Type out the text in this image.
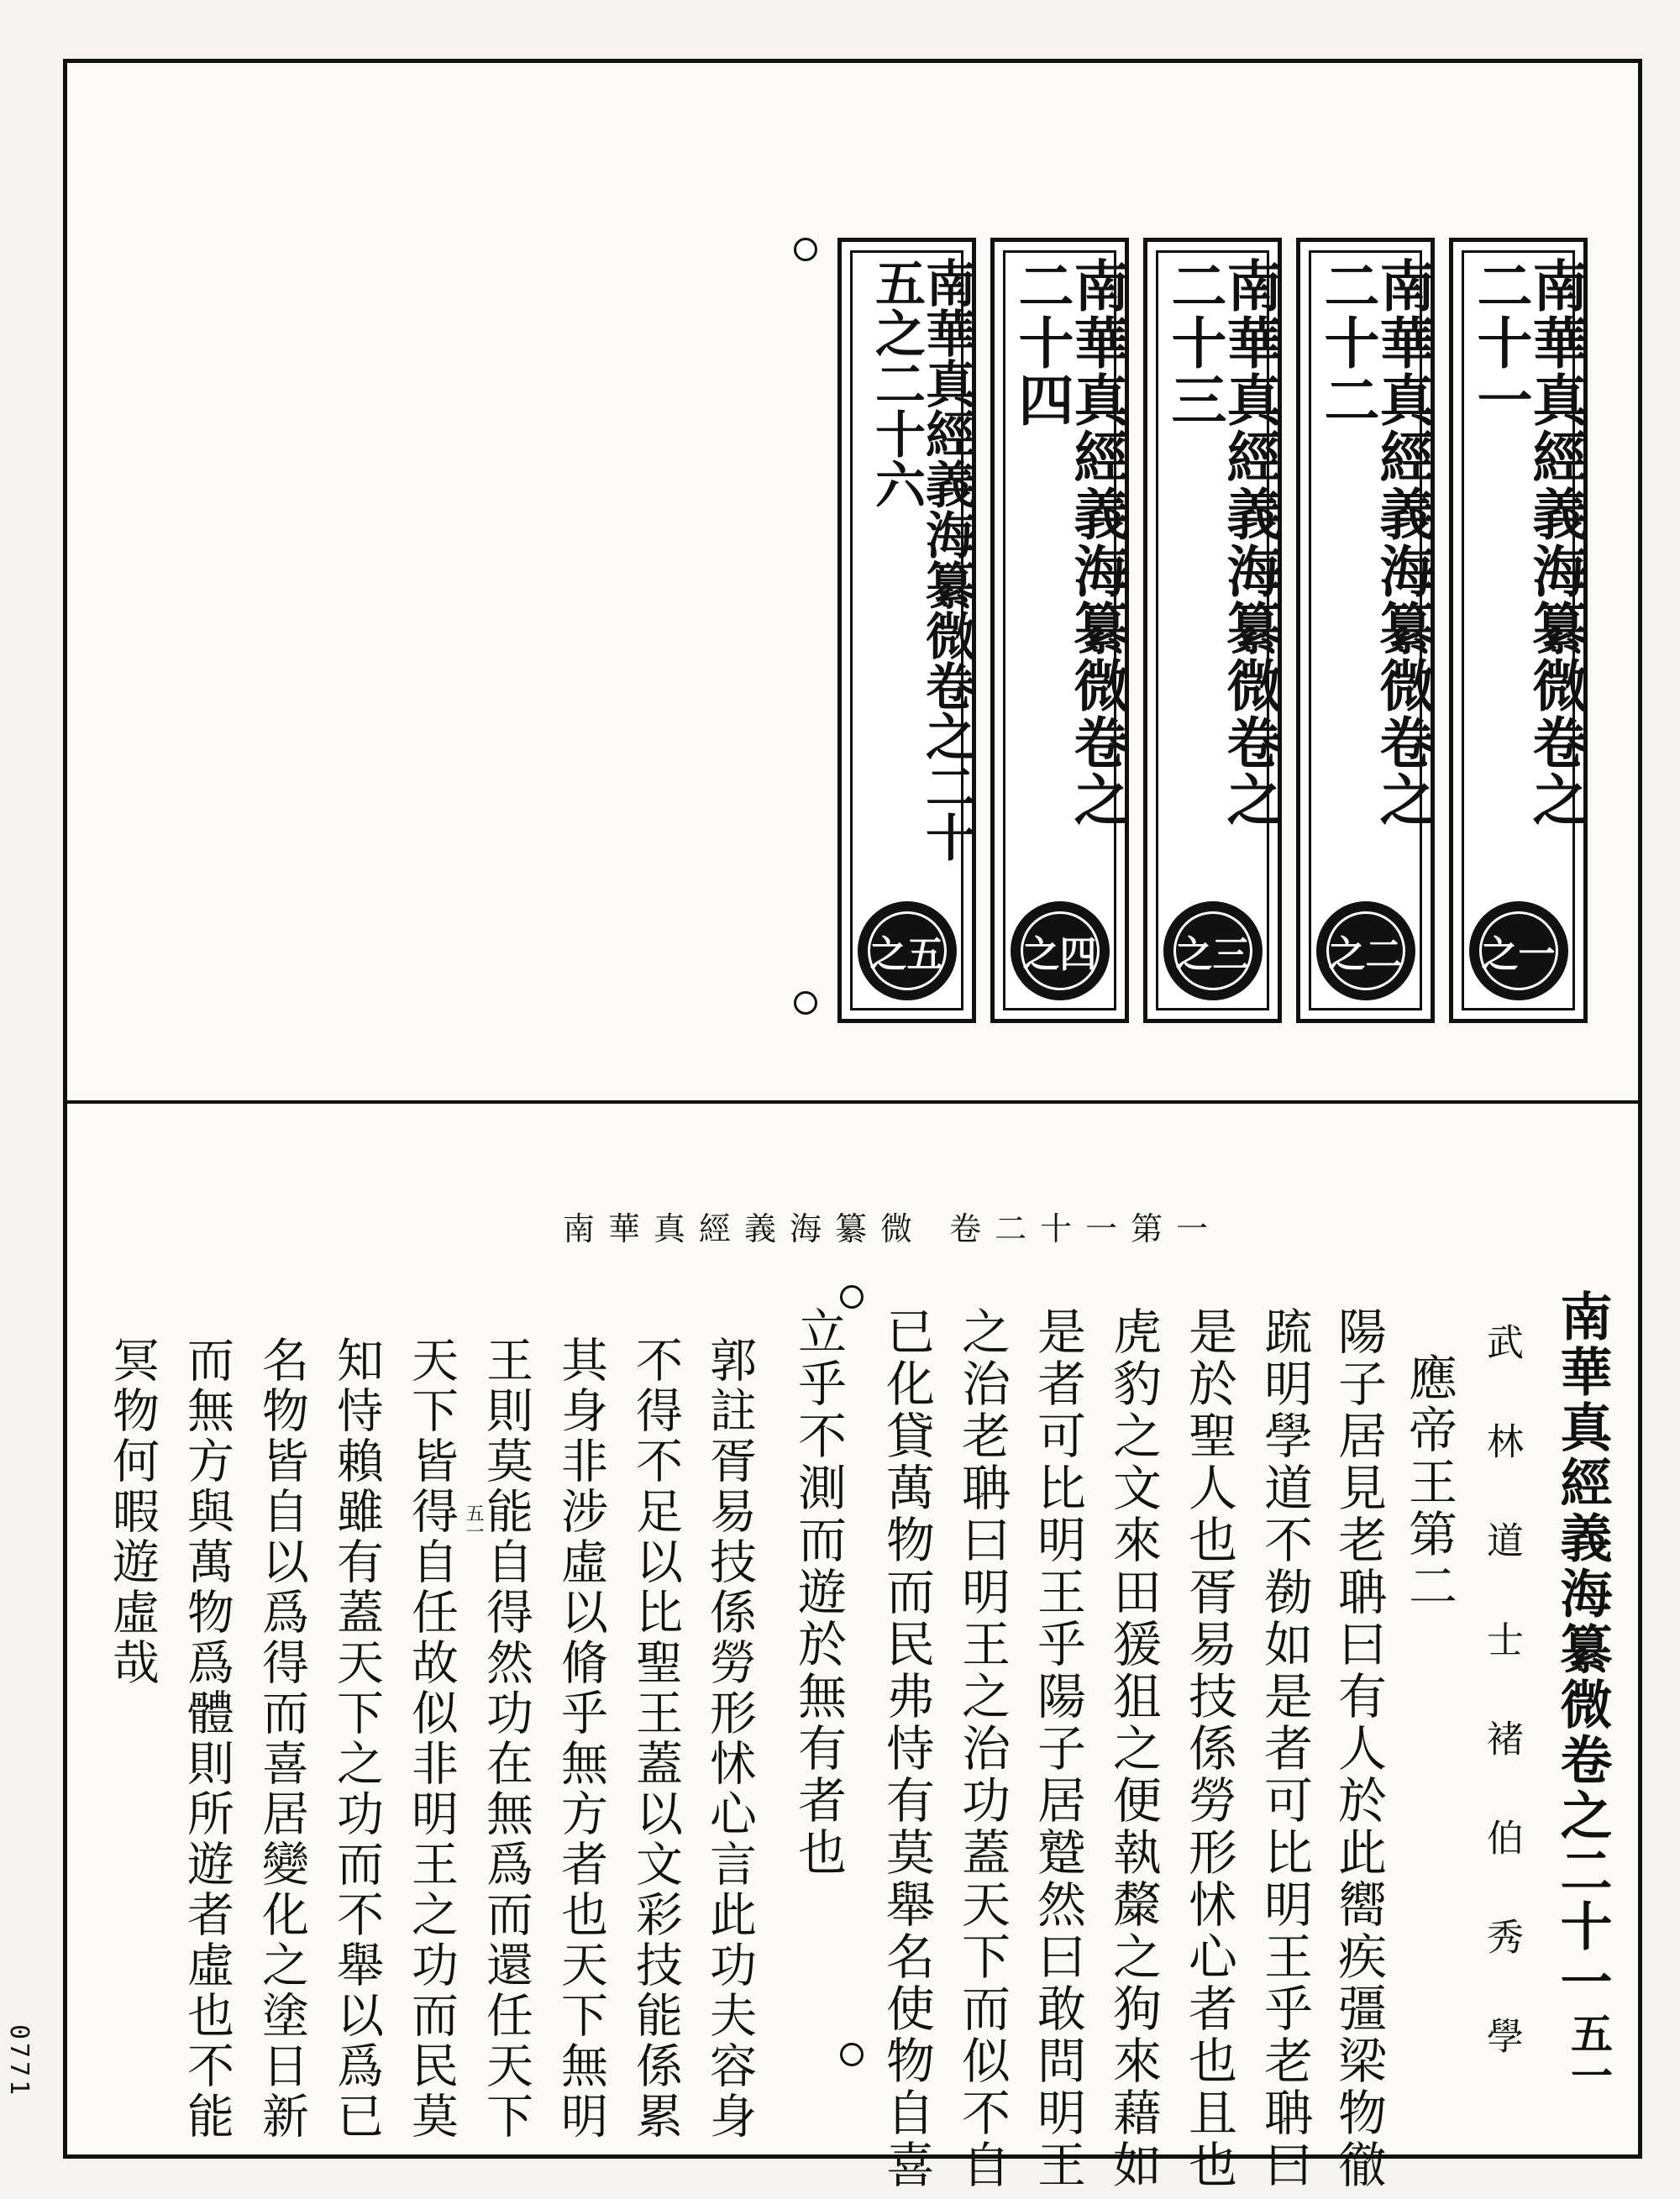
南華真經義海纂微卷之二十一
之一
南華真經義海纂微卷之二十二
之二
南華真經義海纂微卷之二十三
之三
南華真經義海纂微卷之二十四
之四
南華真經義海纂微卷之二十五之二十六
之五
南華真經義海纂微 卷二十一第一
五一
0771
南華真經義海纂微卷之二十一
武 林 道 士 褚 伯 秀 學
應帝王第二
陽子居見老聃曰有人於此嚮疾彊梁物徹
䟽明學道不勌如是者可比明王乎老聃曰
是於聖人也胥易技係勞形怵心者也且也
虎豹之文來田猨狙之便執斄之狗來藉如
是者可比明王乎陽子居蹵然曰敢問明王
之治老聃曰明王之治功蓋天下而似不自
已化貸萬物而民弗恃有莫舉名使物自喜
立乎不測而遊於無有者也
郭註胥易技係勞形怵心言此功夫容身
不得不足以比聖王蓋以文彩技能係累
其身非涉虛以脩乎無方者也天下無明
王則莫能自得然功在無爲而還任天下
五一
天下皆得自任故似非明王之功而民莫
知恃賴雖有蓋天下之功而不舉以爲已
名物皆自以爲得而喜居變化之塗日新
而無方與萬物爲體則所遊者虛也不能
冥物何暇遊虛哉
